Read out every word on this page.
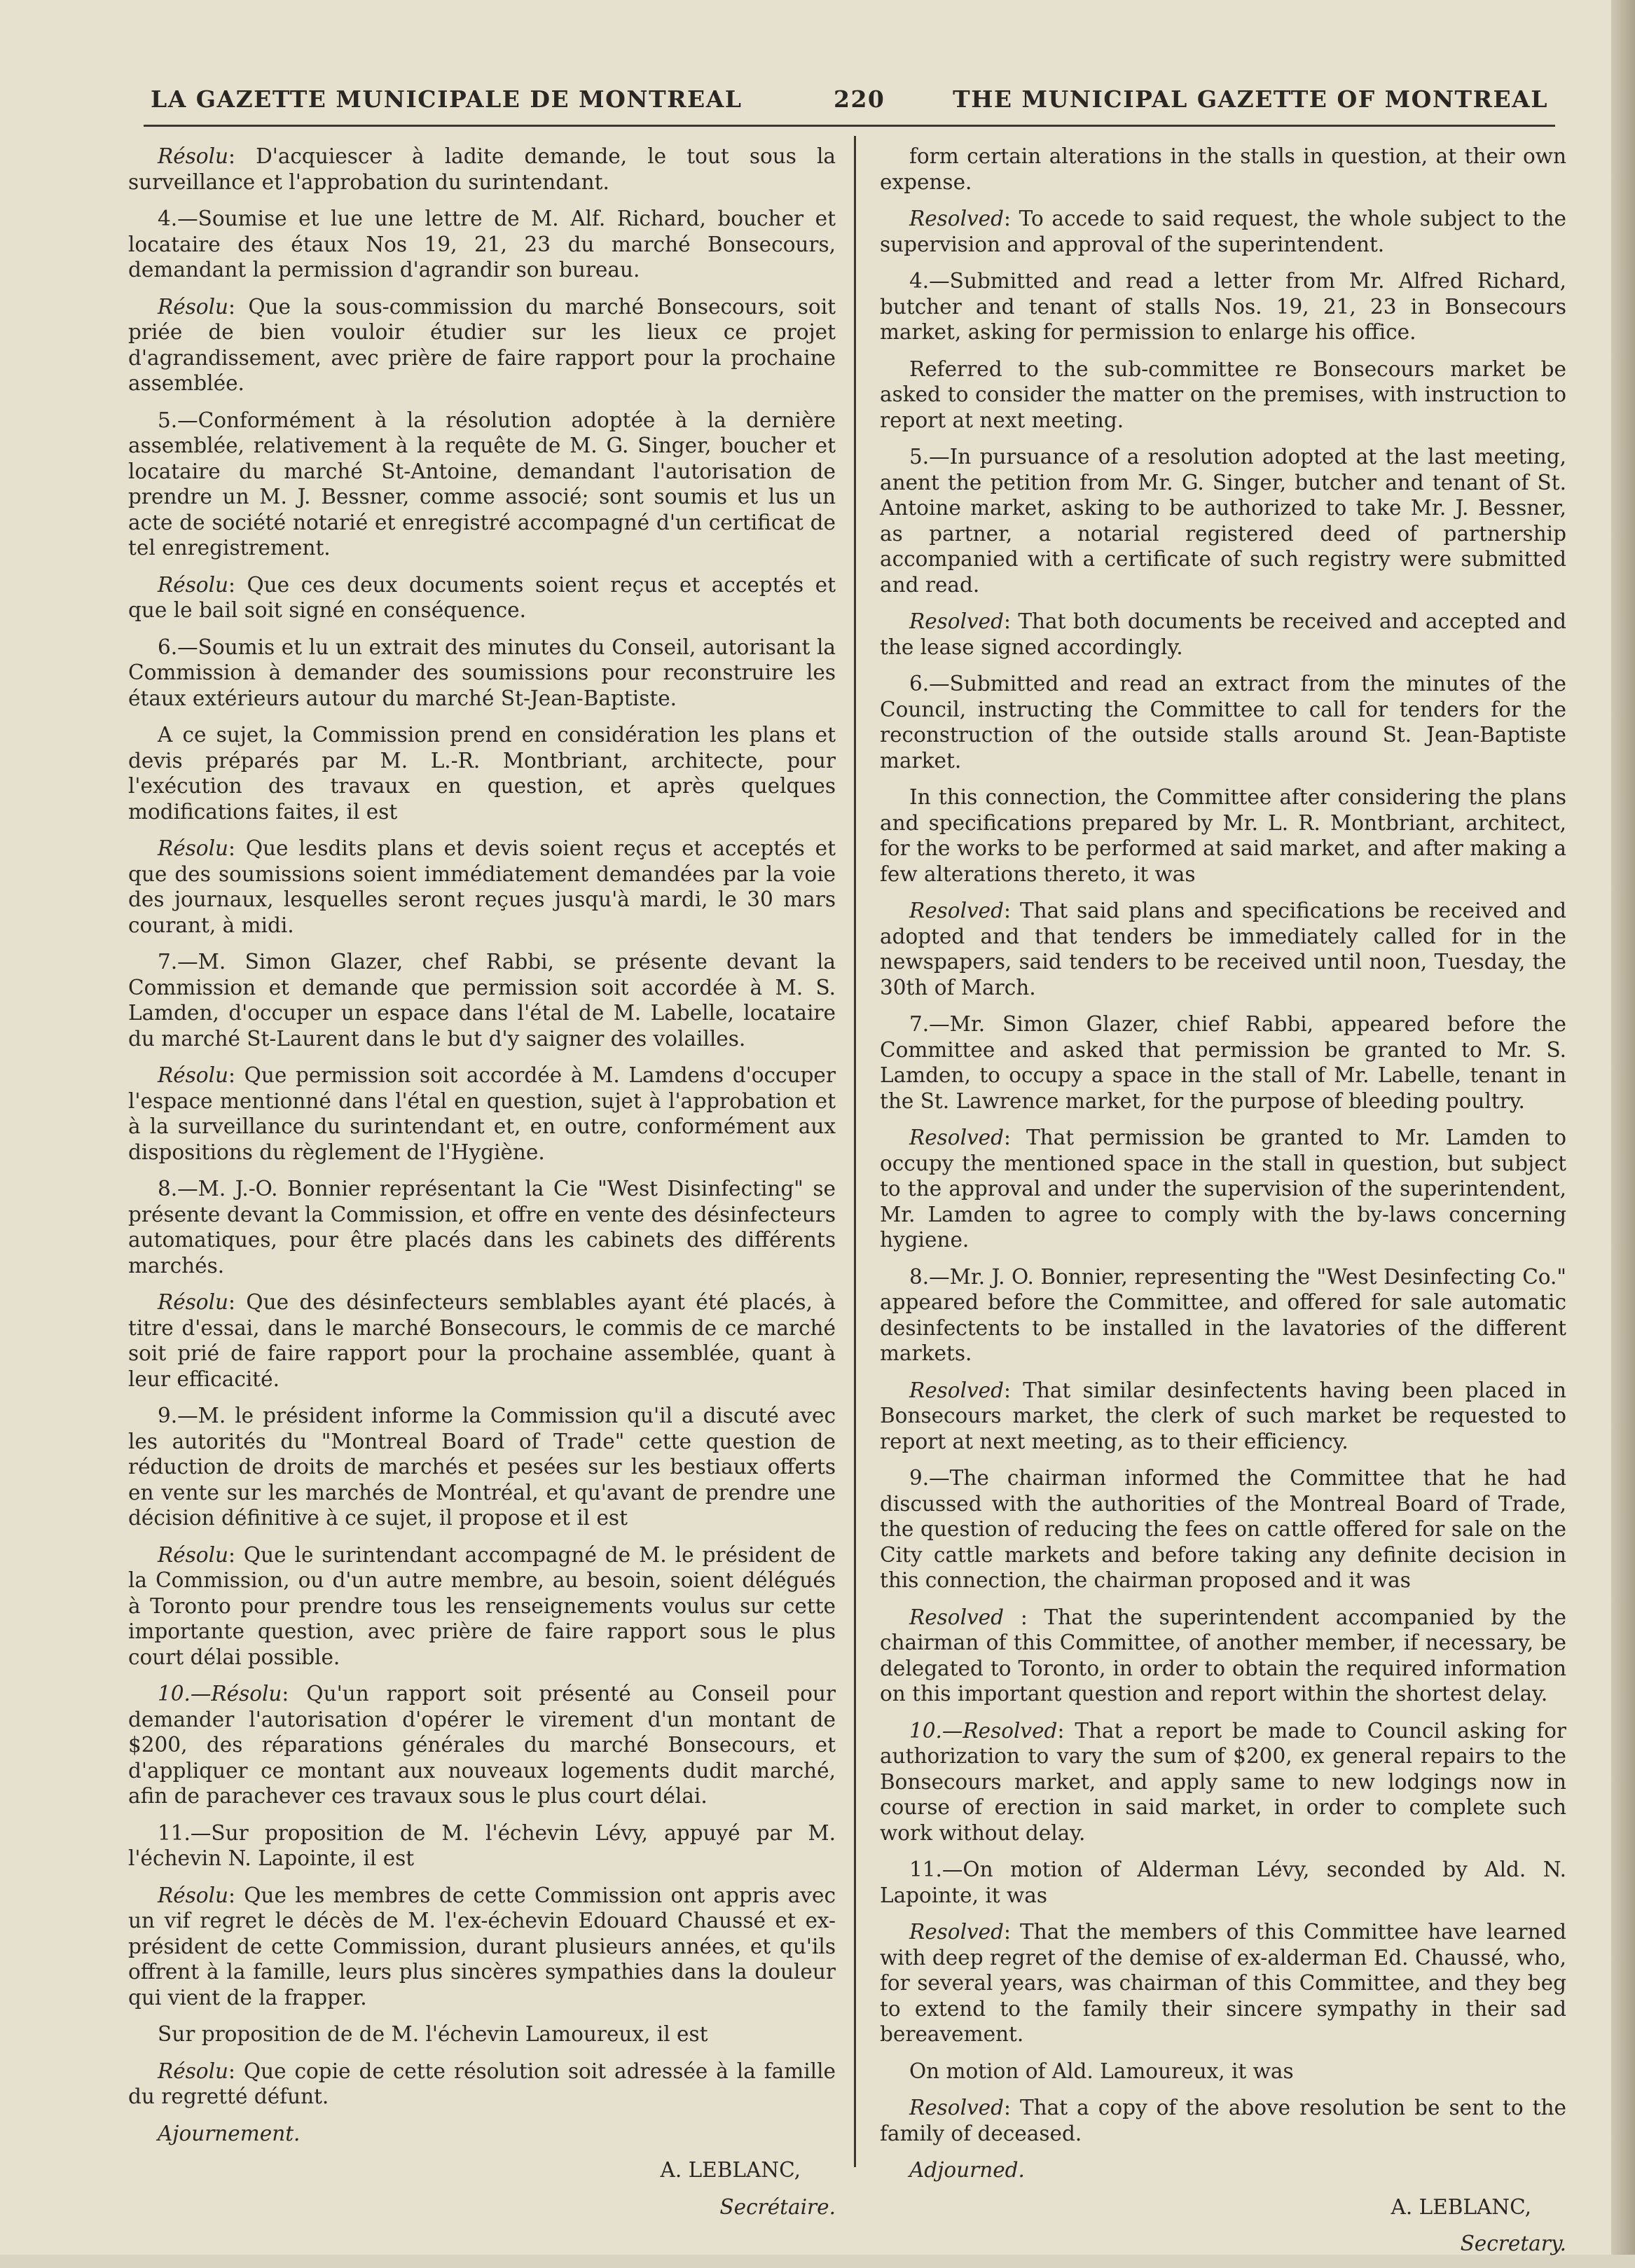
LA GAZETTE MUNICIPALE DE MONTREAL	220	THE MUNICIPAL GAZETTE OF MONTREAL

Résolu: D'acquiescer à ladite demande, le tout sous la surveillance et l'approbation du surintendant.

4.—Soumise et lue une lettre de M. Alf. Richard, boucher et locataire des étaux Nos 19, 21, 23 du marché Bonsecours, demandant la permission d'agrandir son bureau.

Résolu: Que la sous-commission du marché Bonsecours, soit priée de bien vouloir étudier sur les lieux ce projet d'agrandissement, avec prière de faire rapport pour la prochaine assemblée.

5.—Conformément à la résolution adoptée à la dernière assemblée, relativement à la requête de M. G. Singer, boucher et locataire du marché St-Antoine, demandant l'autorisation de prendre un M. J. Bessner, comme associé; sont soumis et lus un acte de société notarié et enregistré accompagné d'un certificat de tel enregistrement.

Résolu: Que ces deux documents soient reçus et acceptés et que le bail soit signé en conséquence.

6.—Soumis et lu un extrait des minutes du Conseil, autorisant la Commission à demander des soumissions pour reconstruire les étaux extérieurs autour du marché St-Jean-Baptiste.

A ce sujet, la Commission prend en considération les plans et devis préparés par M. L.-R. Montbriant, architecte, pour l'exécution des travaux en question, et après quelques modifications faites, il est

Résolu: Que lesdits plans et devis soient reçus et acceptés et que des soumissions soient immédiatement demandées par la voie des journaux, lesquelles seront reçues jusqu'à mardi, le 30 mars courant, à midi.

7.—M. Simon Glazer, chef Rabbi, se présente devant la Commission et demande que permission soit accordée à M. S. Lamden, d'occuper un espace dans l'étal de M. Labelle, locataire du marché St-Laurent dans le but d'y saigner des volailles.

Résolu: Que permission soit accordée à M. Lamdens d'occuper l'espace mentionné dans l'étal en question, sujet à l'approbation et à la surveillance du surintendant et, en outre, conformément aux dispositions du règlement de l'Hygiène.

8.—M. J.-O. Bonnier représentant la Cie "West Disinfecting" se présente devant la Commission, et offre en vente des désinfecteurs automatiques, pour être placés dans les cabinets des différents marchés.

Résolu: Que des désinfecteurs semblables ayant été placés, à titre d'essai, dans le marché Bonsecours, le commis de ce marché soit prié de faire rapport pour la prochaine assemblée, quant à leur efficacité.

9.—M. le président informe la Commission qu'il a discuté avec les autorités du "Montreal Board of Trade" cette question de réduction de droits de marchés et pesées sur les bestiaux offerts en vente sur les marchés de Montréal, et qu'avant de prendre une décision définitive à ce sujet, il propose et il est

Résolu: Que le surintendant accompagné de M. le président de la Commission, ou d'un autre membre, au besoin, soient délégués à Toronto pour prendre tous les renseignements voulus sur cette importante question, avec prière de faire rapport sous le plus court délai possible.

10.—Résolu: Qu'un rapport soit présenté au Conseil pour demander l'autorisation d'opérer le virement d'un montant de $200, des réparations générales du marché Bonsecours, et d'appliquer ce montant aux nouveaux logements dudit marché, afin de parachever ces travaux sous le plus court délai.

11.—Sur proposition de M. l'échevin Lévy, appuyé par M. l'échevin N. Lapointe, il est

Résolu: Que les membres de cette Commission ont appris avec un vif regret le décès de M. l'ex-échevin Edouard Chaussé et ex-président de cette Commission, durant plusieurs années, et qu'ils offrent à la famille, leurs plus sincères sympathies dans la douleur qui vient de la frapper.

Sur proposition de de M. l'échevin Lamoureux, il est

Résolu: Que copie de cette résolution soit adressée à la famille du regretté défunt.

Ajournement.

A. LEBLANC,

Secrétaire.

form certain alterations in the stalls in question, at their own expense.

Resolved: To accede to said request, the whole subject to the supervision and approval of the superintendent.

4.—Submitted and read a letter from Mr. Alfred Richard, butcher and tenant of stalls Nos. 19, 21, 23 in Bonsecours market, asking for permission to enlarge his office.

Referred to the sub-committee re Bonsecours market be asked to consider the matter on the premises, with instruction to report at next meeting.

5.—In pursuance of a resolution adopted at the last meeting, anent the petition from Mr. G. Singer, butcher and tenant of St. Antoine market, asking to be authorized to take Mr. J. Bessner, as partner, a notarial registered deed of partnership accompanied with a certificate of such registry were submitted and read.

Resolved: That both documents be received and accepted and the lease signed accordingly.

6.—Submitted and read an extract from the minutes of the Council, instructing the Committee to call for tenders for the reconstruction of the outside stalls around St. Jean-Baptiste market.

In this connection, the Committee after considering the plans and specifications prepared by Mr. L. R. Montbriant, architect, for the works to be performed at said market, and after making a few alterations thereto, it was

Resolved: That said plans and specifications be received and adopted and that tenders be immediately called for in the newspapers, said tenders to be received until noon, Tuesday, the 30th of March.

7.—Mr. Simon Glazer, chief Rabbi, appeared before the Committee and asked that permission be granted to Mr. S. Lamden, to occupy a space in the stall of Mr. Labelle, tenant in the St. Lawrence market, for the purpose of bleeding poultry.

Resolved: That permission be granted to Mr. Lamden to occupy the mentioned space in the stall in question, but subject to the approval and under the supervision of the superintendent, Mr. Lamden to agree to comply with the by-laws concerning hygiene.

8.—Mr. J. O. Bonnier, representing the "West Desinfecting Co." appeared before the Committee, and offered for sale automatic desinfectents to be installed in the lavatories of the different markets.

Resolved: That similar desinfectents having been placed in Bonsecours market, the clerk of such market be requested to report at next meeting, as to their efficiency.

9.—The chairman informed the Committee that he had discussed with the authorities of the Montreal Board of Trade, the question of reducing the fees on cattle offered for sale on the City cattle markets and before taking any definite decision in this connection, the chairman proposed and it was

Resolved : That the superintendent accompanied by the chairman of this Committee, of another member, if necessary, be delegated to Toronto, in order to obtain the required information on this important question and report within the shortest delay.

10.—Resolved: That a report be made to Council asking for authorization to vary the sum of $200, ex general repairs to the Bonsecours market, and apply same to new lodgings now in course of erection in said market, in order to complete such work without delay.

11.—On motion of Alderman Lévy, seconded by Ald. N. Lapointe, it was

Resolved: That the members of this Committee have learned with deep regret of the demise of ex-alderman Ed. Chaussé, who, for several years, was chairman of this Committee, and they beg to extend to the family their sincere sympathy in their sad bereavement.

On motion of Ald. Lamoureux, it was

Resolved: That a copy of the above resolution be sent to the family of deceased.

Adjourned.

A. LEBLANC,

Secretary.
